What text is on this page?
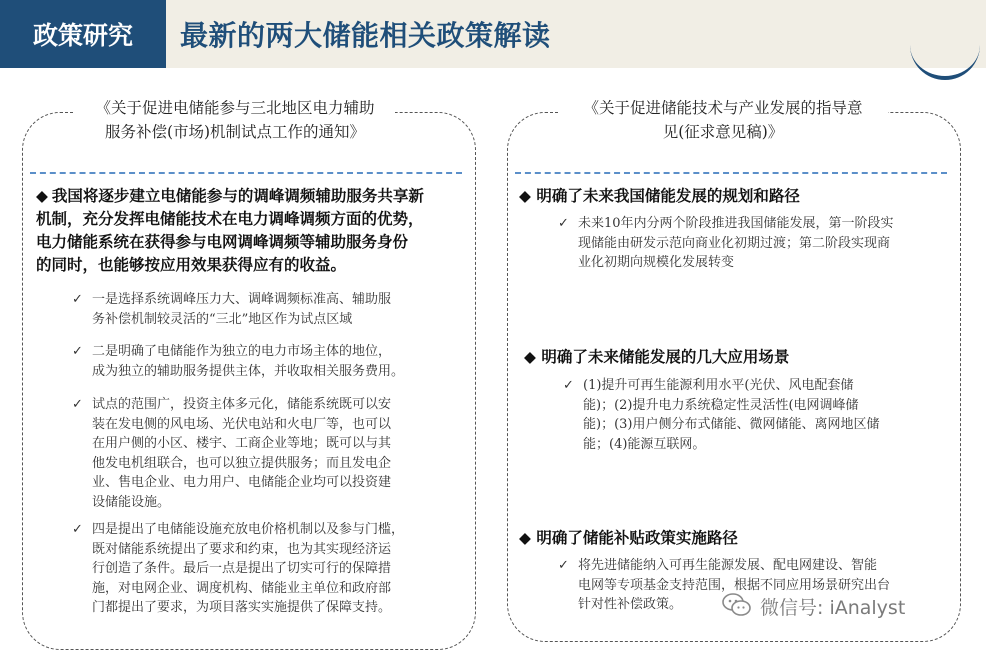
政策研究	最新的两大储能相关政策解读
《关于促进电储能参与三北地区电力辅助
服务补偿(市场)机制试点工作的通知》
◆ 我国将逐步建立电储能参与的调峰调频辅助服务共享新
机制，充分发挥电储能技术在电力调峰调频方面的优势，
电力储能系统在获得参与电网调峰调频等辅助服务身份
的同时，也能够按应用效果获得应有的收益。
✓ 一是选择系统调峰压力大、调峰调频标准高、辅助服
务补偿机制较灵活的“三北”地区作为试点区域
✓ 二是明确了电储能作为独立的电力市场主体的地位，
成为独立的辅助服务提供主体，并收取相关服务费用。
✓ 试点的范围广，投资主体多元化，储能系统既可以安
装在发电侧的风电场、光伏电站和火电厂等，也可以
在用户侧的小区、楼宇、工商企业等地；既可以与其
他发电机组联合，也可以独立提供服务；而且发电企
业、售电企业、电力用户、电储能企业均可以投资建
设储能设施。
✓ 四是提出了电储能设施充放电价格机制以及参与门槛，
既对储能系统提出了要求和约束，也为其实现经济运
行创造了条件。最后一点是提出了切实可行的保障措
施，对电网企业、调度机构、储能业主单位和政府部
门都提出了要求，为项目落实实施提供了保障支持。
《关于促进储能技术与产业发展的指导意
见(征求意见稿)》
◆ 明确了未来我国储能发展的规划和路径
✓ 未来10年内分两个阶段推进我国储能发展，第一阶段实
现储能由研发示范向商业化初期过渡；第二阶段实现商
业化初期向规模化发展转变
◆ 明确了未来储能发展的几大应用场景
✓ (1)提升可再生能源利用水平(光伏、风电配套储
能)；(2)提升电力系统稳定性灵活性(电网调峰储
能)；(3)用户侧分布式储能、微网储能、离网地区储
能；(4)能源互联网。
◆ 明确了储能补贴政策实施路径
✓ 将先进储能纳入可再生能源发展、配电网建设、智能
电网等专项基金支持范围，根据不同应用场景研究出台
针对性补偿政策。	微信号: iAnalyst
